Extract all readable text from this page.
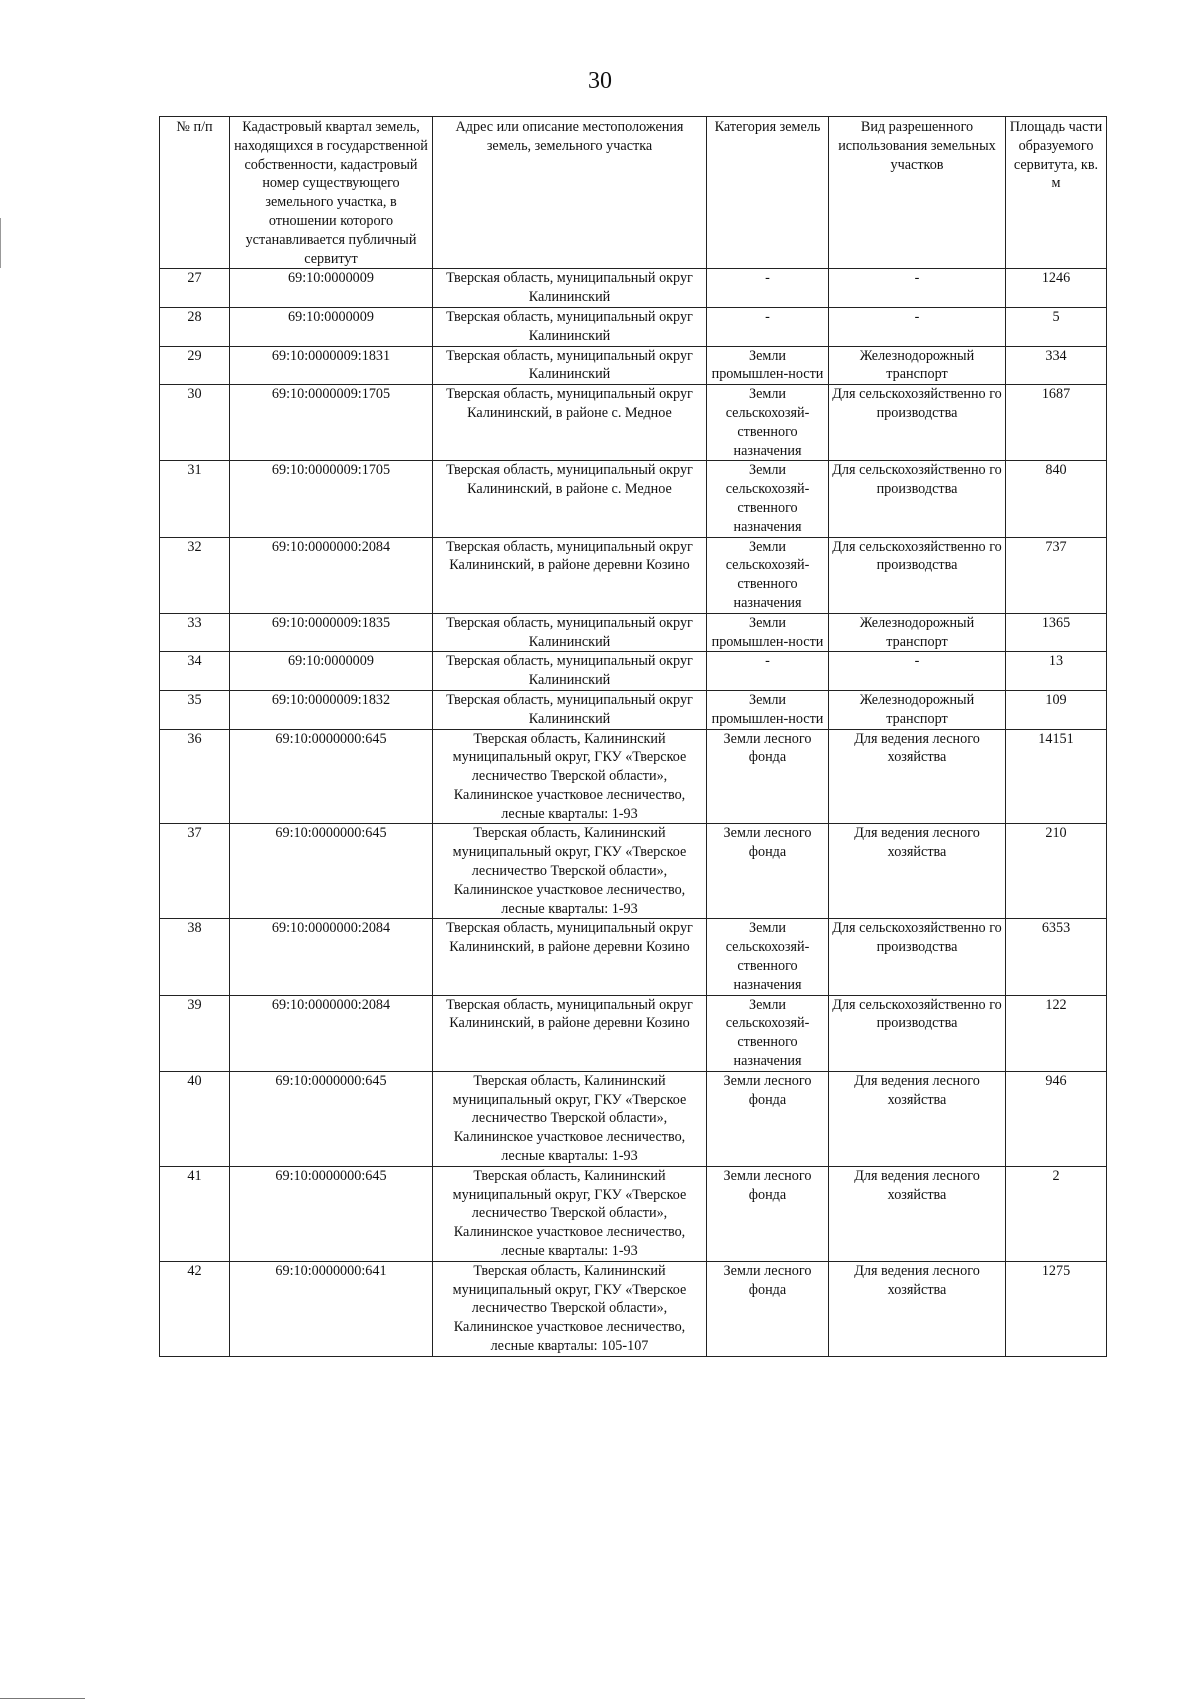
30
№ п/п	Кадастровый квартал земель, находящихся в государственной собственности, кадастровый номер существующего земельного участка, в отношении которого устанавливается публичный сервитут	Адрес или описание местоположения земель, земельного участка	Категория земель	Вид разрешенного использования земельных участков	Площадь части образуемого сервитута, кв. м
27	69:10:0000009	Тверская область, муниципальный округ Калининский	-	-	1246
28	69:10:0000009	Тверская область, муниципальный округ Калининский	-	-	5
29	69:10:0000009:1831	Тверская область, муниципальный округ Калининский	Земли промышлен-ности	Железнодорожный транспорт	334
30	69:10:0000009:1705	Тверская область, муниципальный округ Калининский, в районе с. Медное	Земли сельскохозяй-ственного назначения	Для сельскохозяйственно го производства	1687
31	69:10:0000009:1705	Тверская область, муниципальный округ Калининский, в районе с. Медное	Земли сельскохозяй-ственного назначения	Для сельскохозяйственно го производства	840
32	69:10:0000000:2084	Тверская область, муниципальный округ Калининский, в районе деревни Козино	Земли сельскохозяй-ственного назначения	Для сельскохозяйственно го производства	737
33	69:10:0000009:1835	Тверская область, муниципальный округ Калининский	Земли промышлен-ности	Железнодорожный транспорт	1365
34	69:10:0000009	Тверская область, муниципальный округ Калининский	-	-	13
35	69:10:0000009:1832	Тверская область, муниципальный округ Калининский	Земли промышлен-ности	Железнодорожный транспорт	109
36	69:10:0000000:645	Тверская область, Калининский муниципальный округ, ГКУ «Тверское лесничество Тверской области», Калининское участковое лесничество, лесные кварталы: 1-93	Земли лесного фонда	Для ведения лесного хозяйства	14151
37	69:10:0000000:645	Тверская область, Калининский муниципальный округ, ГКУ «Тверское лесничество Тверской области», Калининское участковое лесничество, лесные кварталы: 1-93	Земли лесного фонда	Для ведения лесного хозяйства	210
38	69:10:0000000:2084	Тверская область, муниципальный округ Калининский, в районе деревни Козино	Земли сельскохозяй-ственного назначения	Для сельскохозяйственно го производства	6353
39	69:10:0000000:2084	Тверская область, муниципальный округ Калининский, в районе деревни Козино	Земли сельскохозяй-ственного назначения	Для сельскохозяйственно го производства	122
40	69:10:0000000:645	Тверская область, Калининский муниципальный округ, ГКУ «Тверское лесничество Тверской области», Калининское участковое лесничество, лесные кварталы: 1-93	Земли лесного фонда	Для ведения лесного хозяйства	946
41	69:10:0000000:645	Тверская область, Калининский муниципальный округ, ГКУ «Тверское лесничество Тверской области», Калининское участковое лесничество, лесные кварталы: 1-93	Земли лесного фонда	Для ведения лесного хозяйства	2
42	69:10:0000000:641	Тверская область, Калининский муниципальный округ, ГКУ «Тверское лесничество Тверской области», Калининское участковое лесничество, лесные кварталы: 105-107	Земли лесного фонда	Для ведения лесного хозяйства	1275
